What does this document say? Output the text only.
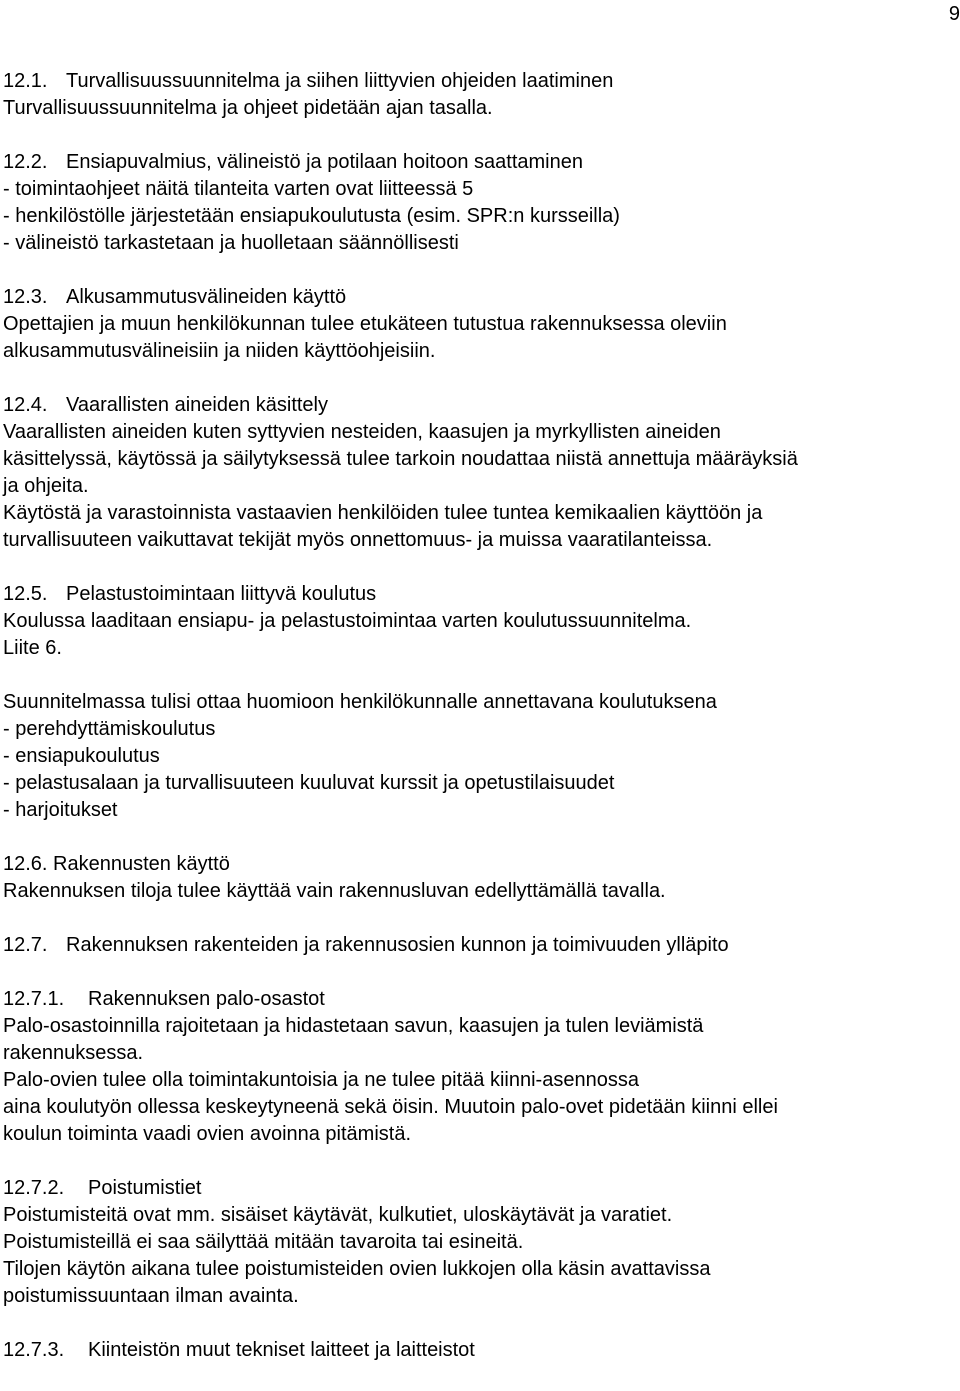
9
12.1. Turvallisuussuunnitelma ja siihen liittyvien ohjeiden laatiminen
Turvallisuussuunnitelma ja ohjeet pidetään ajan tasalla.
12.2. Ensiapuvalmius, välineistö ja potilaan hoitoon saattaminen
- toimintaohjeet näitä tilanteita varten ovat liitteessä 5
- henkilöstölle järjestetään ensiapukoulutusta (esim. SPR:n kursseilla)
- välineistö tarkastetaan ja huolletaan säännöllisesti
12.3. Alkusammutusvälineiden käyttö
Opettajien ja muun henkilökunnan tulee etukäteen tutustua rakennuksessa oleviin
alkusammutusvälineisiin ja niiden käyttöohjeisiin.
12.4. Vaarallisten aineiden käsittely
Vaarallisten aineiden kuten syttyvien nesteiden, kaasujen ja myrkyllisten aineiden
käsittelyssä, käytössä ja säilytyksessä tulee tarkoin noudattaa niistä annettuja määräyksiä
ja ohjeita.
Käytöstä ja varastoinnista vastaavien henkilöiden tulee tuntea kemikaalien käyttöön ja
turvallisuuteen vaikuttavat tekijät myös onnettomuus- ja muissa vaaratilanteissa.
12.5. Pelastustoimintaan liittyvä koulutus
Koulussa laaditaan ensiapu- ja pelastustoimintaa varten koulutussuunnitelma.
Liite 6.
Suunnitelmassa tulisi ottaa huomioon henkilökunnalle annettavana koulutuksena
- perehdyttämiskoulutus
- ensiapukoulutus
- pelastusalaan ja turvallisuuteen kuuluvat kurssit ja opetustilaisuudet
- harjoitukset
12.6. Rakennusten käyttö
Rakennuksen tiloja tulee käyttää vain rakennusluvan edellyttämällä tavalla.
12.7. Rakennuksen rakenteiden ja rakennusosien kunnon ja toimivuuden ylläpito
12.7.1. Rakennuksen palo-osastot
Palo-osastoinnilla rajoitetaan ja hidastetaan savun, kaasujen ja tulen leviämistä
rakennuksessa.
Palo-ovien tulee olla toimintakuntoisia ja ne tulee pitää kiinni-asennossa
aina koulutyön ollessa keskeytyneenä sekä öisin. Muutoin palo-ovet pidetään kiinni ellei
koulun toiminta vaadi ovien avoinna pitämistä.
12.7.2. Poistumistiet
Poistumisteitä ovat mm. sisäiset käytävät, kulkutiet, uloskäytävät ja varatiet.
Poistumisteillä ei saa säilyttää mitään tavaroita tai esineitä.
Tilojen käytön aikana tulee poistumisteiden ovien lukkojen olla käsin avattavissa
poistumissuuntaan ilman avainta.
12.7.3. Kiinteistön muut tekniset laitteet ja laitteistot
